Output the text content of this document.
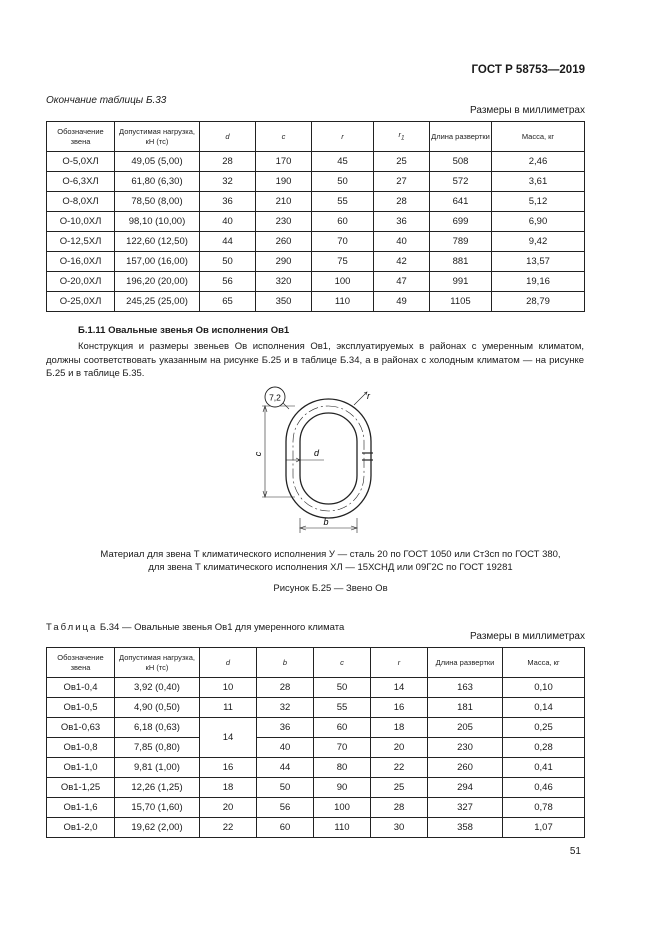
ГОСТ Р 58753—2019
Окончание таблицы Б.33
Размеры в миллиметрах
Обозначение звена	Допустимая нагрузка, кН (тс)	d	c	r	$r_1$	Длина развертки	Масса, кг
О-5,0ХЛ	49,05 (5,00)	28	170	45	25	508	2,46
О-6,3ХЛ	61,80 (6,30)	32	190	50	27	572	3,61
О-8,0ХЛ	78,50 (8,00)	36	210	55	28	641	5,12
О-10,0ХЛ	98,10 (10,00)	40	230	60	36	699	6,90
О-12,5ХЛ	122,60 (12,50)	44	260	70	40	789	9,42
О-16,0ХЛ	157,00 (16,00)	50	290	75	42	881	13,57
О-20,0ХЛ	196,20 (20,00)	56	320	100	47	991	19,16
О-25,0ХЛ	245,25 (25,00)	65	350	110	49	1105	28,79
Б.1.11 Овальные звенья Ов исполнения Ов1

Конструкция и размеры звеньев Ов исполнения Ов1, эксплуатируемых в районах с умеренным климатом, должны соответствовать указанным на рисунке Б.25 и в таблице Б.34, а в районах с холодным климатом — на рисунке Б.25 и в таблице Б.35.

7,2	r
c	d
b
Материал для звена Т климатического исполнения У — сталь 20 по ГОСТ 1050 или Ст3сп по ГОСТ 380,
для звена Т климатического исполнения ХЛ — 15ХСНД или 09Г2С по ГОСТ 19281
Рисунок Б.25 — Звено Ов
Таблица Б.34 — Овальные звенья Ов1 для умеренного климата
Размеры в миллиметрах
Обозначение звена	Допустимая нагрузка, кН (тс)	d	b	c	r	Длина развертки	Масса, кг
Ов1-0,4	3,92 (0,40)	10	28	50	14	163	0,10
Ов1-0,5	4,90 (0,50)	11	32	55	16	181	0,14
Ов1-0,63	6,18 (0,63)	14	36	60	18	205	0,25
Ов1-0,8	7,85 (0,80)		40	70	20	230	0,28
Ов1-1,0	9,81 (1,00)	16	44	80	22	260	0,41
Ов1-1,25	12,26 (1,25)	18	50	90	25	294	0,46
Ов1-1,6	15,70 (1,60)	20	56	100	28	327	0,78
Ов1-2,0	19,62 (2,00)	22	60	110	30	358	1,07
51
